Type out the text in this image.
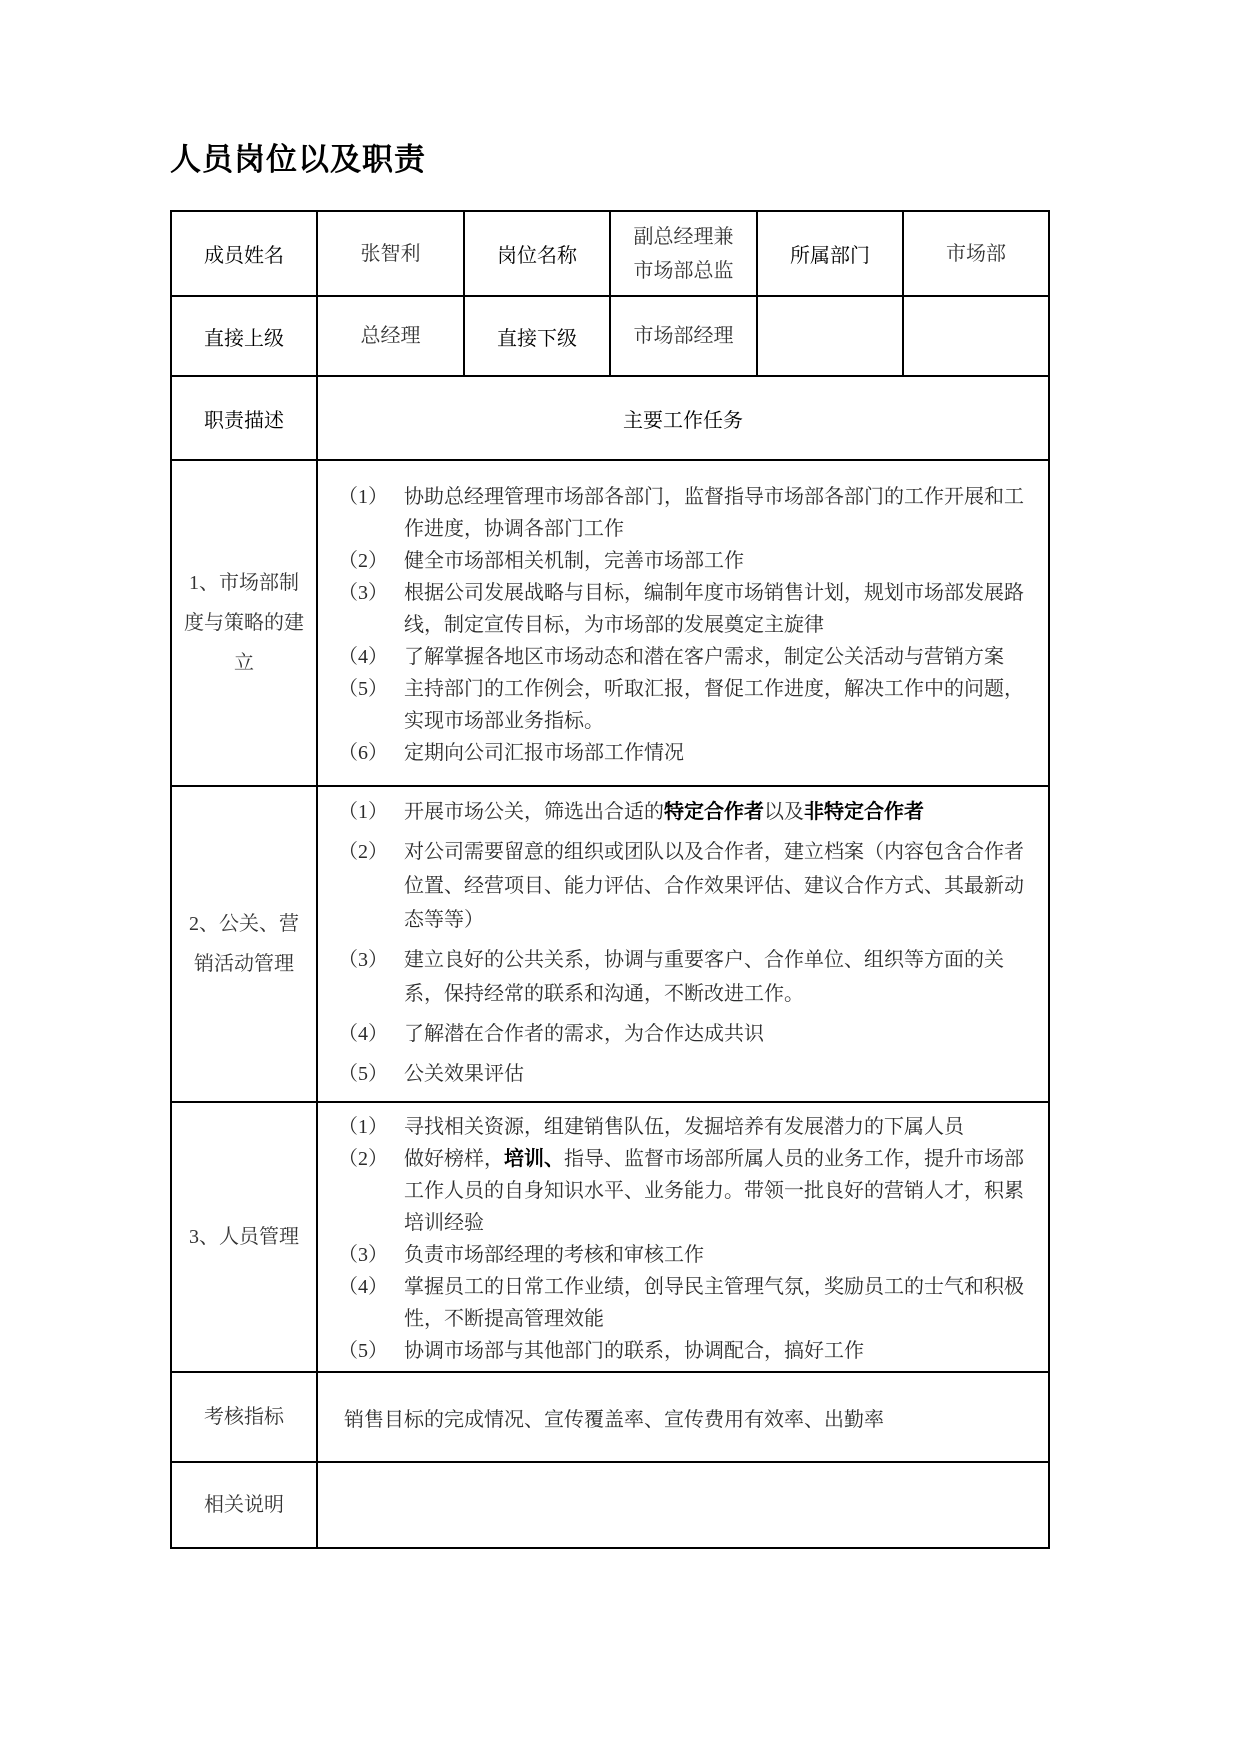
人员岗位以及职责
成员姓名	张智利	岗位名称	副总经理兼市场部总监	所属部门	市场部
直接上级	总经理	直接下级	市场部经理		
职责描述	主要工作任务				
1、市场部制度与策略的建立	
（1） 协助总经理管理市场部各部门，监督指导市场部各部门的工作开展和工作进度，协调各部门工作
（2） 健全市场部相关机制，完善市场部工作
（3） 根据公司发展战略与目标，编制年度市场销售计划，规划市场部发展路线，制定宣传目标，为市场部的发展奠定主旋律
（4） 了解掌握各地区市场动态和潜在客户需求，制定公关活动与营销方案
（5） 主持部门的工作例会，听取汇报，督促工作进度，解决工作中的问题，实现市场部业务指标。
（6） 定期向公司汇报市场部工作情况

2、公关、营销活动管理	
（1） 开展市场公关，筛选出合适的特定合作者以及非特定合作者
（2） 对公司需要留意的组织或团队以及合作者，建立档案（内容包含合作者位置、经营项目、能力评估、合作效果评估、建议合作方式、其最新动态等等）
（3） 建立良好的公共关系，协调与重要客户、合作单位、组织等方面的关系，保持经常的联系和沟通，不断改进工作。
（4） 了解潜在合作者的需求，为合作达成共识
（5） 公关效果评估

3、人员管理	
（1） 寻找相关资源，组建销售队伍，发掘培养有发展潜力的下属人员
（2） 做好榜样，培训、指导、监督市场部所属人员的业务工作，提升市场部工作人员的自身知识水平、业务能力。带领一批良好的营销人才，积累培训经验
（3） 负责市场部经理的考核和审核工作
（4） 掌握员工的日常工作业绩，创导民主管理气氛，奖励员工的士气和积极性，不断提高管理效能
（5） 协调市场部与其他部门的联系，协调配合，搞好工作

考核指标	销售目标的完成情况、宣传覆盖率、宣传费用有效率、出勤率				
相关说明					
